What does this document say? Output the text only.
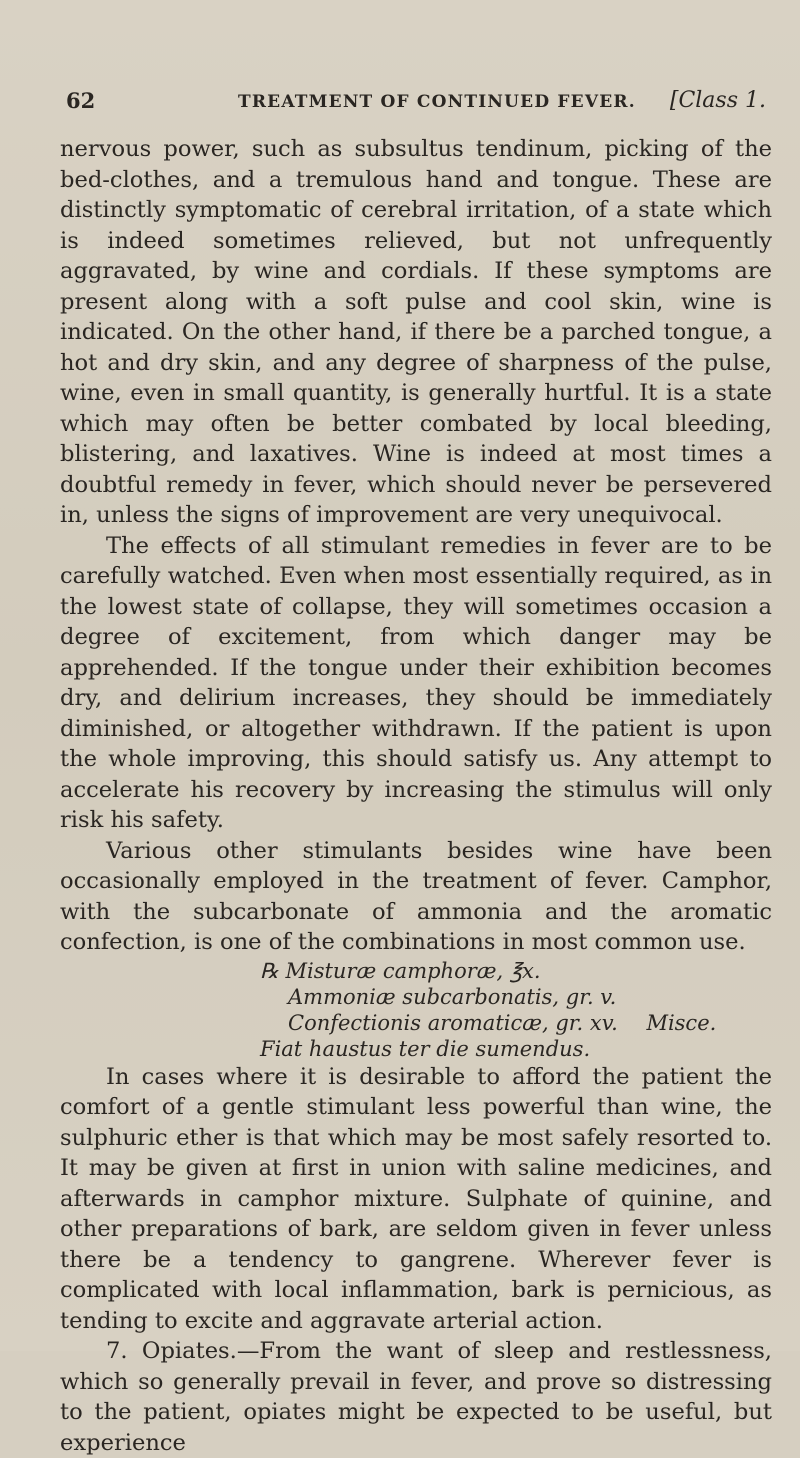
62	TREATMENT OF CONTINUED FEVER. [Class 1.

nervous power, such as subsultus tendinum, picking of the bed-clothes, and a tremulous hand and tongue. These are distinctly symptomatic of cerebral irritation, of a state which is indeed sometimes relieved, but not unfrequently aggravated, by wine and cordials. If these symptoms are present along with a soft pulse and cool skin, wine is indicated. On the other hand, if there be a parched tongue, a hot and dry skin, and any degree of sharpness of the pulse, wine, even in small quantity, is generally hurtful. It is a state which may often be better combated by local bleeding, blistering, and laxatives. Wine is indeed at most times a doubtful remedy in fever, which should never be persevered in, unless the signs of improvement are very unequivocal.

The effects of all stimulant remedies in fever are to be carefully watched. Even when most essentially required, as in the lowest state of collapse, they will sometimes occasion a degree of excitement, from which danger may be apprehended. If the tongue under their exhibition becomes dry, and delirium increases, they should be immediately diminished, or altogether withdrawn. If the patient is upon the whole improving, this should satisfy us. Any attempt to accelerate his recovery by increasing the stimulus will only risk his safety.

Various other stimulants besides wine have been occasionally employed in the treatment of fever. Camphor, with the subcarbonate of ammonia and the aromatic confection, is one of the combinations in most common use.

℞ Misturæ camphoræ, ℥x.
Ammoniæ subcarbonatis, gr. v.
Confectionis aromaticæ, gr. xv. Misce.
Fiat haustus ter die sumendus.

In cases where it is desirable to afford the patient the comfort of a gentle stimulant less powerful than wine, the sulphuric ether is that which may be most safely resorted to. It may be given at first in union with saline medicines, and afterwards in camphor mixture. Sulphate of quinine, and other preparations of bark, are seldom given in fever unless there be a tendency to gangrene. Wherever fever is complicated with local inflammation, bark is pernicious, as tending to excite and aggravate arterial action.

7. Opiates.—From the want of sleep and restlessness, which so generally prevail in fever, and prove so distressing to the patient, opiates might be expected to be useful, but experience
